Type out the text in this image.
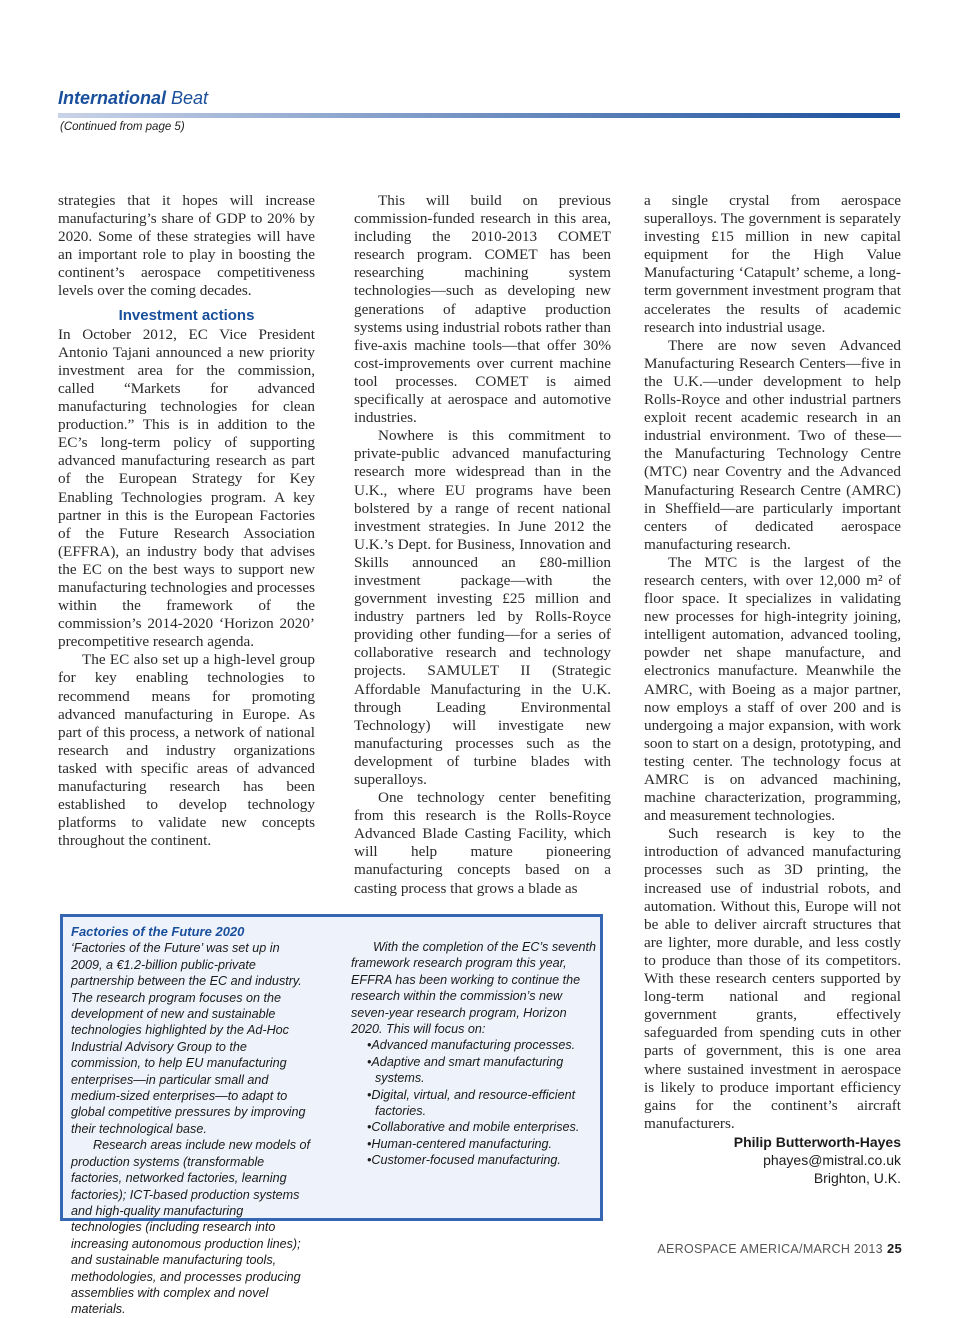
International Beat
(Continued from page 5)

strategies that it hopes will increase manufacturing’s share of GDP to 20% by 2020. Some of these strategies will have an important role to play in boosting the continent’s aerospace competitiveness levels over the coming decades.

Investment actions

In October 2012, EC Vice President Antonio Tajani announced a new priority investment area for the commission, called “Markets for advanced manufacturing technologies for clean production.” This is in addition to the EC’s long-term policy of supporting advanced manufacturing research as part of the European Strategy for Key Enabling Technologies program. A key partner in this is the European Factories of the Future Research Association (EFFRA), an industry body that advises the EC on the best ways to support new manufacturing technologies and processes within the framework of the commission’s 2014-2020 ‘Horizon 2020’ precompetitive research agenda.

The EC also set up a high-level group for key enabling technologies to recommend means for promoting advanced manufacturing in Europe. As part of this process, a network of national research and industry organizations tasked with specific areas of advanced manufacturing research has been established to develop technology platforms to validate new concepts throughout the continent.

This will build on previous commission-funded research in this area, including the 2010-2013 COMET research program. COMET has been researching machining system technologies—such as developing new generations of adaptive production systems using industrial robots rather than five-axis machine tools—that offer 30% cost-improvements over current machine tool processes. COMET is aimed specifically at aerospace and automotive industries.

Nowhere is this commitment to private-public advanced manufacturing research more widespread than in the U.K., where EU programs have been bolstered by a range of recent national investment strategies. In June 2012 the U.K.’s Dept. for Business, Innovation and Skills announced an £80-million investment package—with the government investing £25 million and industry partners led by Rolls-Royce providing other funding—for a series of collaborative research and technology projects. SAMULET II (Strategic Affordable Manufacturing in the U.K. through Leading Environmental Technology) will investigate new manufacturing processes such as the development of turbine blades with superalloys.

One technology center benefiting from this research is the Rolls-Royce Advanced Blade Casting Facility, which will help mature pioneering manufacturing concepts based on a casting process that grows a blade as

a single crystal from aerospace superalloys. The government is separately investing £15 million in new capital equipment for the High Value Manufacturing ‘Catapult’ scheme, a long-term government investment program that accelerates the results of academic research into industrial usage.

There are now seven Advanced Manufacturing Research Centers—five in the U.K.—under development to help Rolls-Royce and other industrial partners exploit recent academic research in an industrial environment. Two of these—the Manufacturing Technology Centre (MTC) near Coventry and the Advanced Manufacturing Research Centre (AMRC) in Sheffield—are particularly important centers of dedicated aerospace manufacturing research.

The MTC is the largest of the research centers, with over 12,000 m² of floor space. It specializes in validating new processes for high-integrity joining, intelligent automation, advanced tooling, powder net shape manufacture, and electronics manufacture. Meanwhile the AMRC, with Boeing as a major partner, now employs a staff of over 200 and is undergoing a major expansion, with work soon to start on a design, prototyping, and testing center. The technology focus at AMRC is on advanced machining, machine characterization, programming, and measurement technologies.

Such research is key to the introduction of advanced manufacturing processes such as 3D printing, the increased use of industrial robots, and automation. Without this, Europe will not be able to deliver aircraft structures that are lighter, more durable, and less costly to produce than those of its competitors. With these research centers supported by long-term national and regional government grants, effectively safeguarded from spending cuts in other parts of government, this is one area where sustained investment in aerospace is likely to produce important efficiency gains for the continent’s aircraft manufacturers.

Philip Butterworth-Hayes
phayes@mistral.co.uk
Brighton, U.K.
Factories of the Future 2020

‘Factories of the Future’ was set up in 2009, a €1.2-billion public-private partnership between the EC and industry. The research program focuses on the development of new and sustainable technologies highlighted by the Ad-Hoc Industrial Advisory Group to the commission, to help EU manufacturing enterprises—in particular small and medium-sized enterprises—to adapt to global competitive pressures by improving their technological base.

Research areas include new models of production systems (transformable factories, networked factories, learning factories); ICT-based production systems and high-quality manufacturing technologies (including research into increasing autonomous production lines); and sustainable manufacturing tools, methodologies, and processes producing assemblies with complex and novel materials.

With the completion of the EC’s seventh framework research program this year, EFFRA has been working to continue the research within the commission’s new seven-year research program, Horizon 2020. This will focus on:

•Advanced manufacturing processes.
•Adaptive and smart manufacturing systems.
•Digital, virtual, and resource-efficient factories.
•Collaborative and mobile enterprises.
•Human-centered manufacturing.
•Customer-focused manufacturing.
AEROSPACE AMERICA/MARCH 2013 25
